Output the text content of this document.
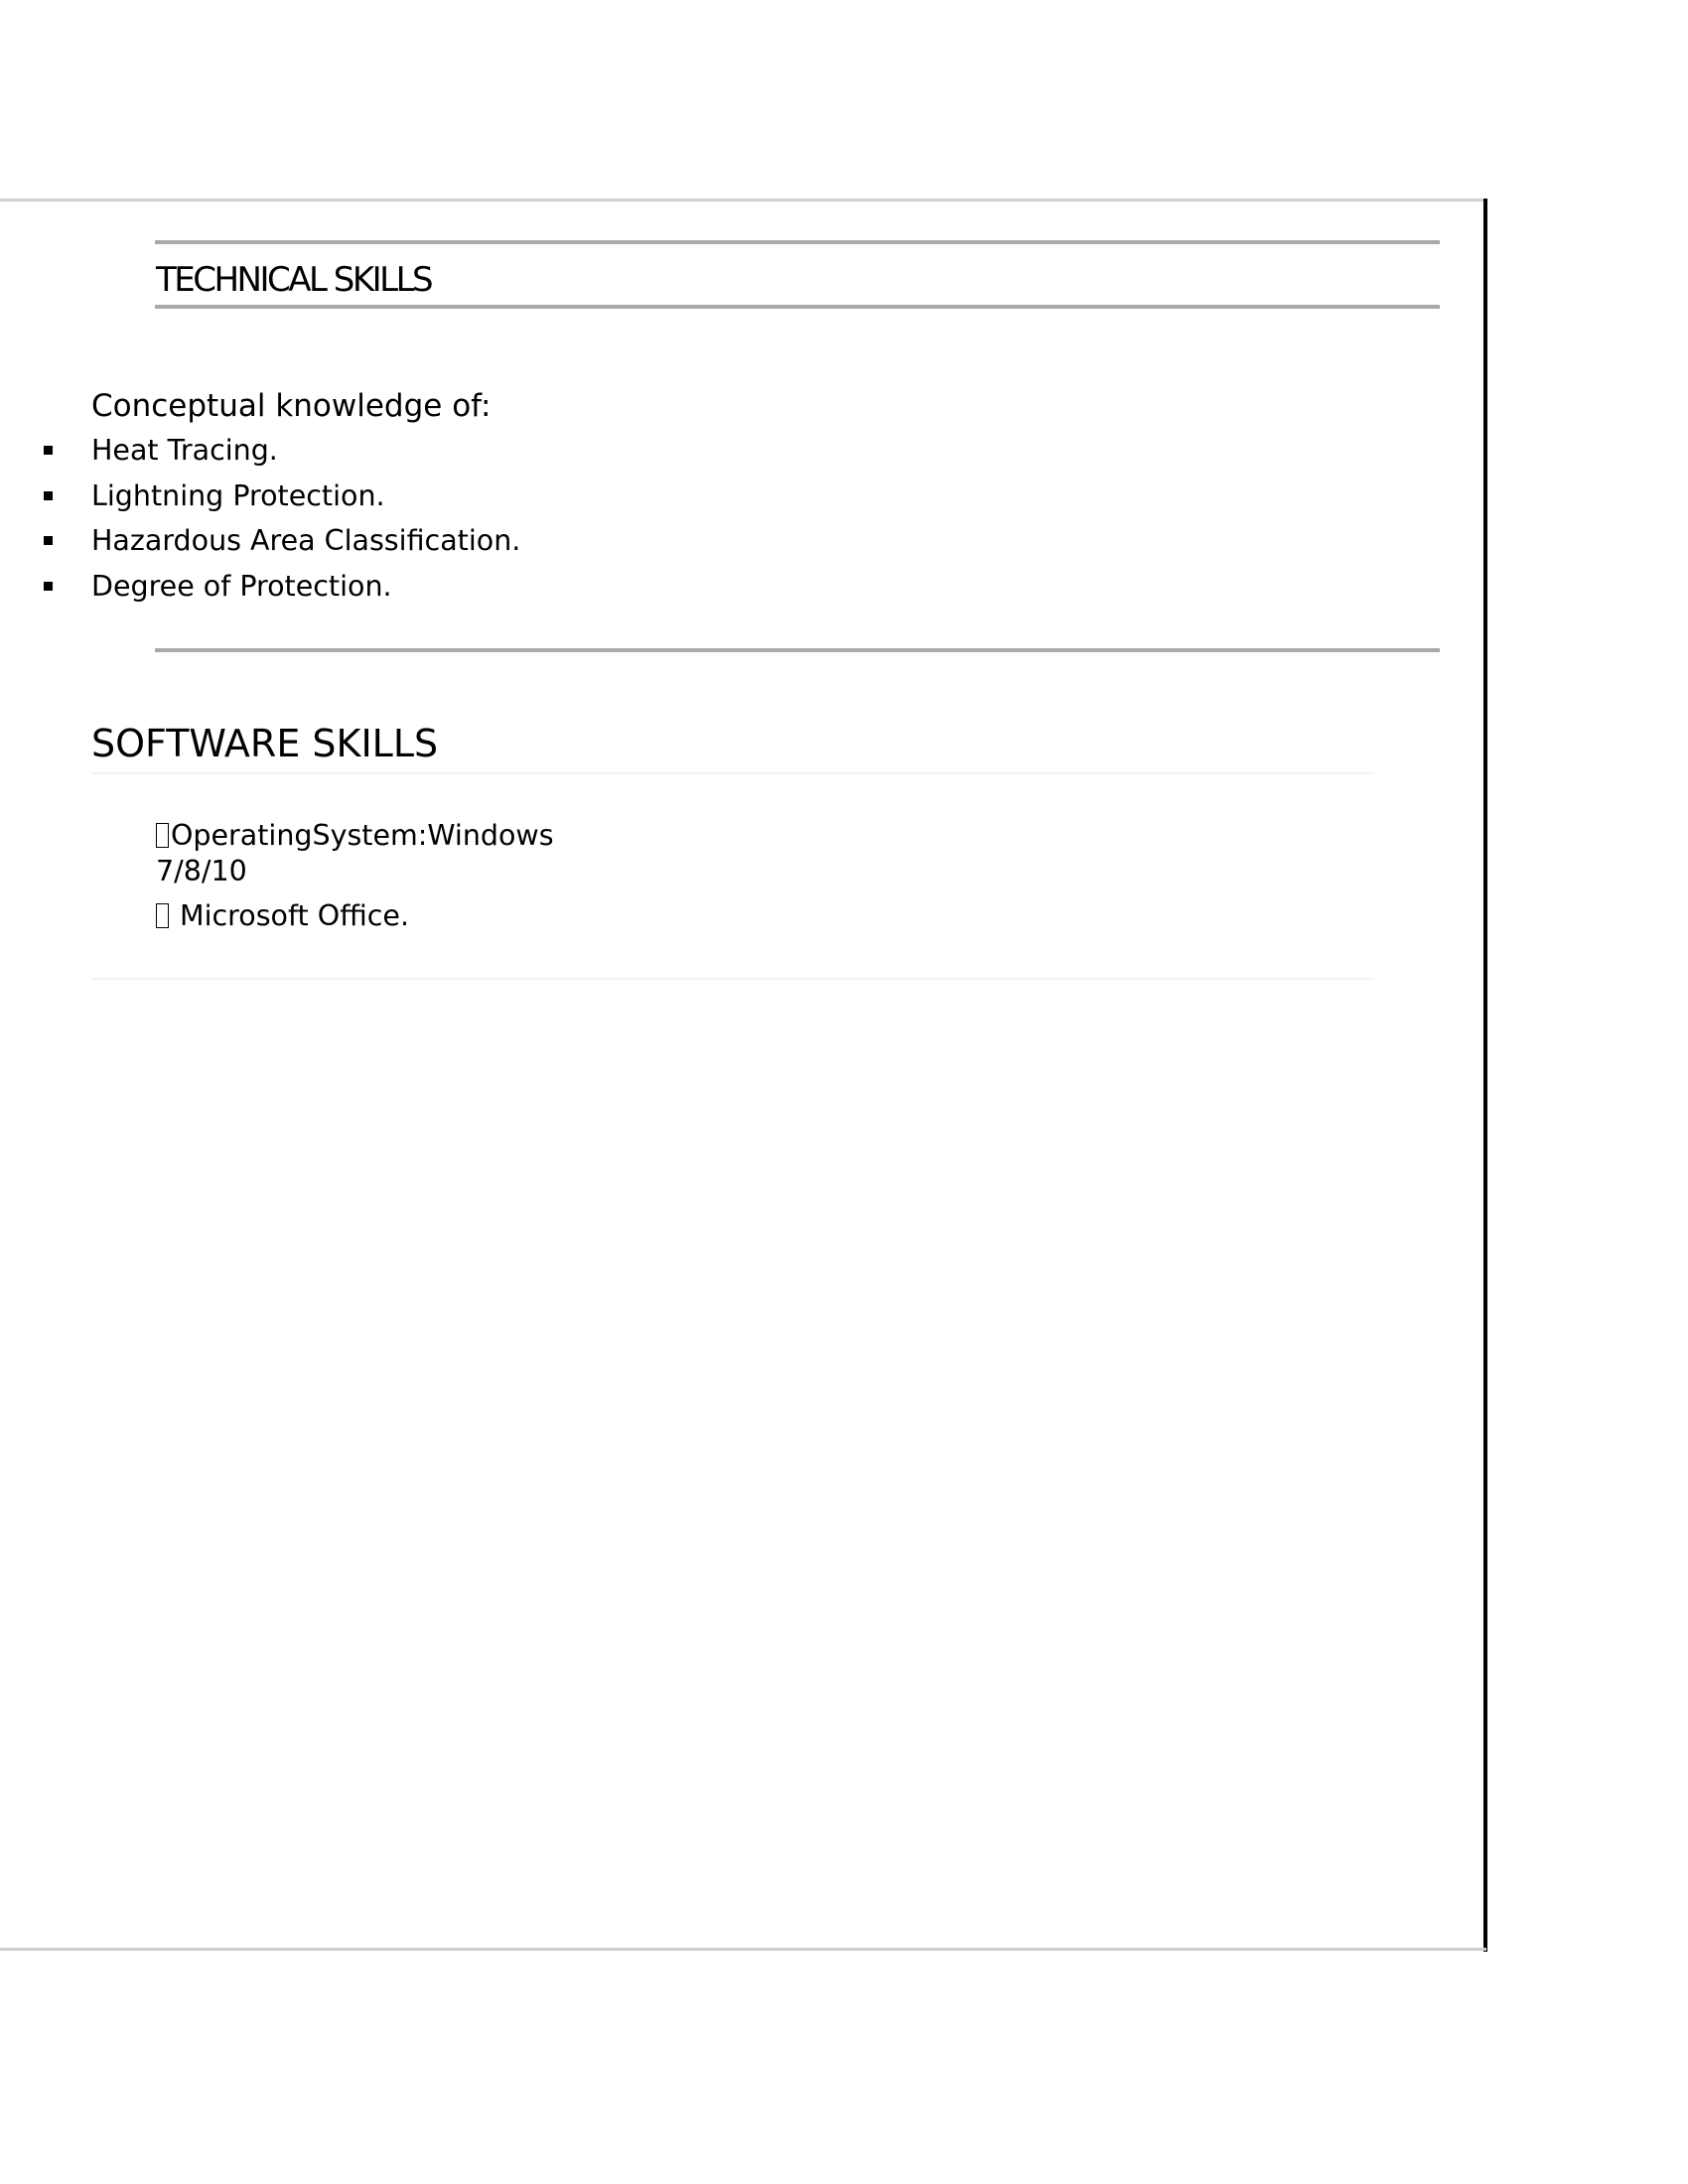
TECHNICAL SKILLS

Conceptual knowledge of:

Heat Tracing.
Lightning Protection.
Hazardous Area Classification.
Degree of Protection.
SOFTWARE SKILLS

OperatingSystem:Windows7/8/10

Microsoft Office.
